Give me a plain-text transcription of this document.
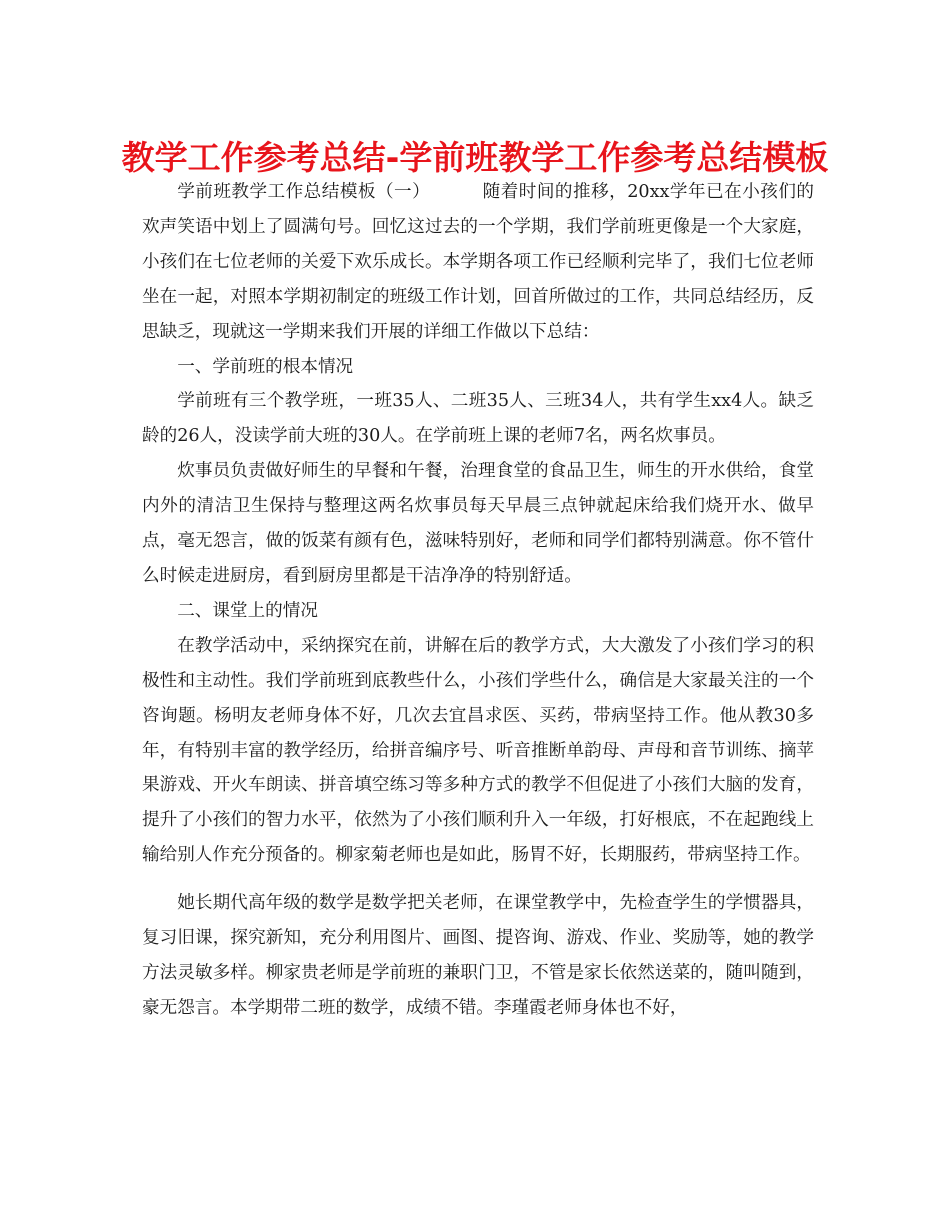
教学工作参考总结-学前班教学工作参考总结模板

学前班教学工作总结模板（一）	随着时间的推移，20xx学年已在小孩们的欢声笑语中划上了圆满句号。回忆这过去的一个学期，我们学前班更像是一个大家庭，小孩们在七位老师的关爱下欢乐成长。本学期各项工作已经顺利完毕了，我们七位老师坐在一起，对照本学期初制定的班级工作计划，回首所做过的工作，共同总结经历，反思缺乏，现就这一学期来我们开展的详细工作做以下总结：

一、学前班的根本情况

学前班有三个教学班，一班35人、二班35人、三班34人，共有学生xx4人。缺乏龄的26人，没读学前大班的30人。在学前班上课的老师7名，两名炊事员。

炊事员负责做好师生的早餐和午餐，治理食堂的食品卫生，师生的开水供给，食堂内外的清洁卫生保持与整理这两名炊事员每天早晨三点钟就起床给我们烧开水、做早点，毫无怨言，做的饭菜有颜有色，滋味特别好，老师和同学们都特别满意。你不管什么时候走进厨房，看到厨房里都是干洁净净的特别舒适。

二、课堂上的情况

在教学活动中，采纳探究在前，讲解在后的教学方式，大大激发了小孩们学习的积极性和主动性。我们学前班到底教些什么，小孩们学些什么，确信是大家最关注的一个咨询题。杨明友老师身体不好，几次去宜昌求医、买药，带病坚持工作。他从教30多年，有特别丰富的教学经历，给拼音编序号、听音推断单韵母、声母和音节训练、摘苹果游戏、开火车朗读、拼音填空练习等多种方式的教学不但促进了小孩们大脑的发育，提升了小孩们的智力水平，依然为了小孩们顺利升入一年级，打好根底，不在起跑线上输给别人作充分预备的。柳家菊老师也是如此，肠胃不好，长期服药，带病坚持工作。

她长期代高年级的数学是数学把关老师，在课堂教学中，先检查学生的学惯器具，复习旧课，探究新知，充分利用图片、画图、提咨询、游戏、作业、奖励等，她的教学方法灵敏多样。柳家贵老师是学前班的兼职门卫，不管是家长依然送菜的，随叫随到，豪无怨言。本学期带二班的数学，成绩不错。李瑾霞老师身体也不好，
